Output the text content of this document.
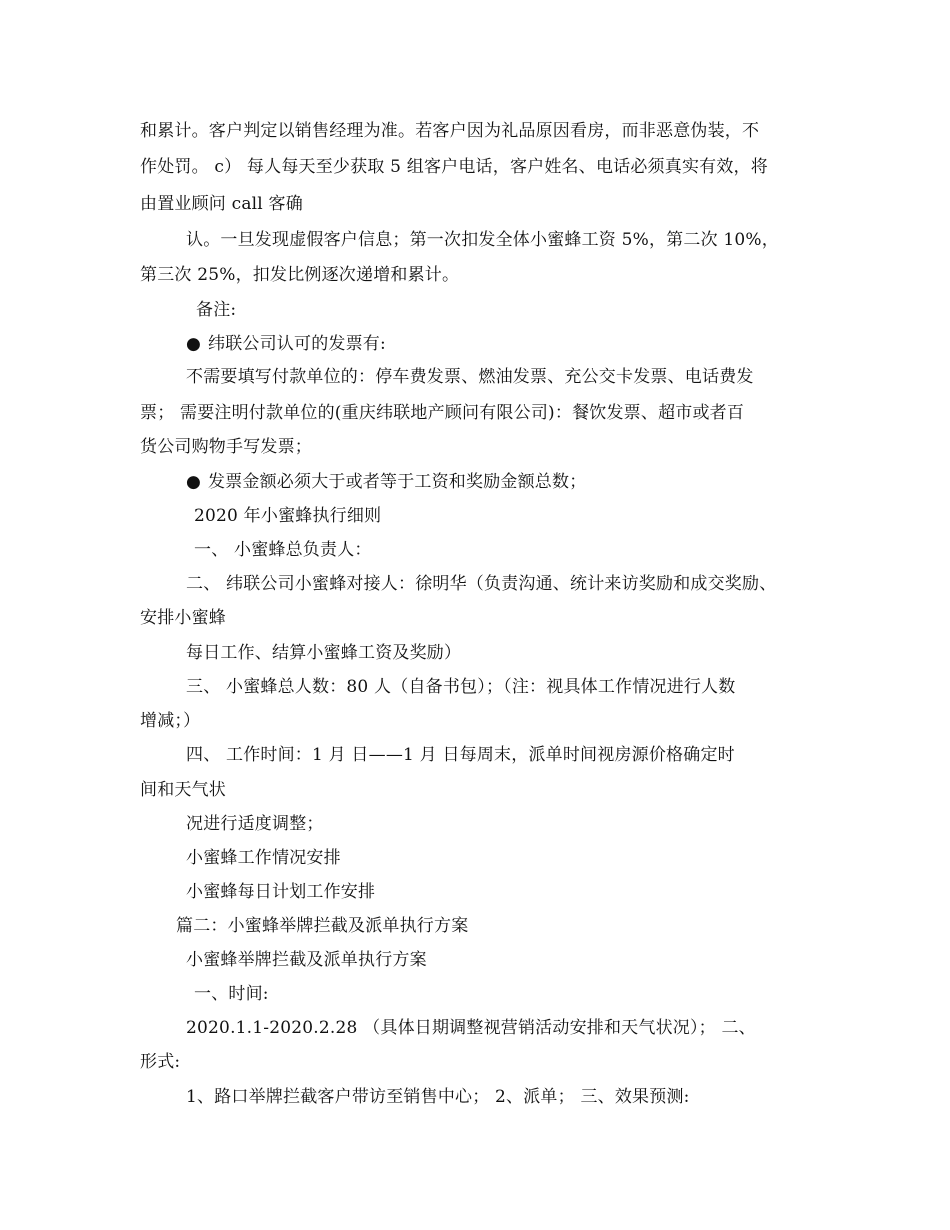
和累计。客户判定以销售经理为准。若客户因为礼品原因看房，而非恶意伪装，不

作处罚。 c） 每人每天至少获取 5 组客户电话，客户姓名、电话必须真实有效，将

由置业顾问 call 客确

认。一旦发现虚假客户信息；第一次扣发全体小蜜蜂工资 5%，第二次 10%，

第三次 25%，扣发比例逐次递增和累计。

备注:

● 纬联公司认可的发票有:

不需要填写付款单位的：停车费发票、燃油发票、充公交卡发票、电话费发

票； 需要注明付款单位的(重庆纬联地产顾问有限公司)：餐饮发票、超市或者百

货公司购物手写发票；

● 发票金额必须大于或者等于工资和奖励金额总数；

2020 年小蜜蜂执行细则

一、 小蜜蜂总负责人：

二、 纬联公司小蜜蜂对接人：徐明华（负责沟通、统计来访奖励和成交奖励、

安排小蜜蜂

每日工作、结算小蜜蜂工资及奖励）

三、 小蜜蜂总人数：80 人（自备书包）；（注：视具体工作情况进行人数

增减；）

四、 工作时间：1 月 日——1 月 日每周末，派单时间视房源价格确定时

间和天气状

况进行适度调整；

小蜜蜂工作情况安排

小蜜蜂每日计划工作安排

篇二：小蜜蜂举牌拦截及派单执行方案

小蜜蜂举牌拦截及派单执行方案

一、时间:

2020.1.1-2020.2.28 （具体日期调整视营销活动安排和天气状况）； 二、

形式:

1、路口举牌拦截客户带访至销售中心； 2、派单； 三、效果预测:
